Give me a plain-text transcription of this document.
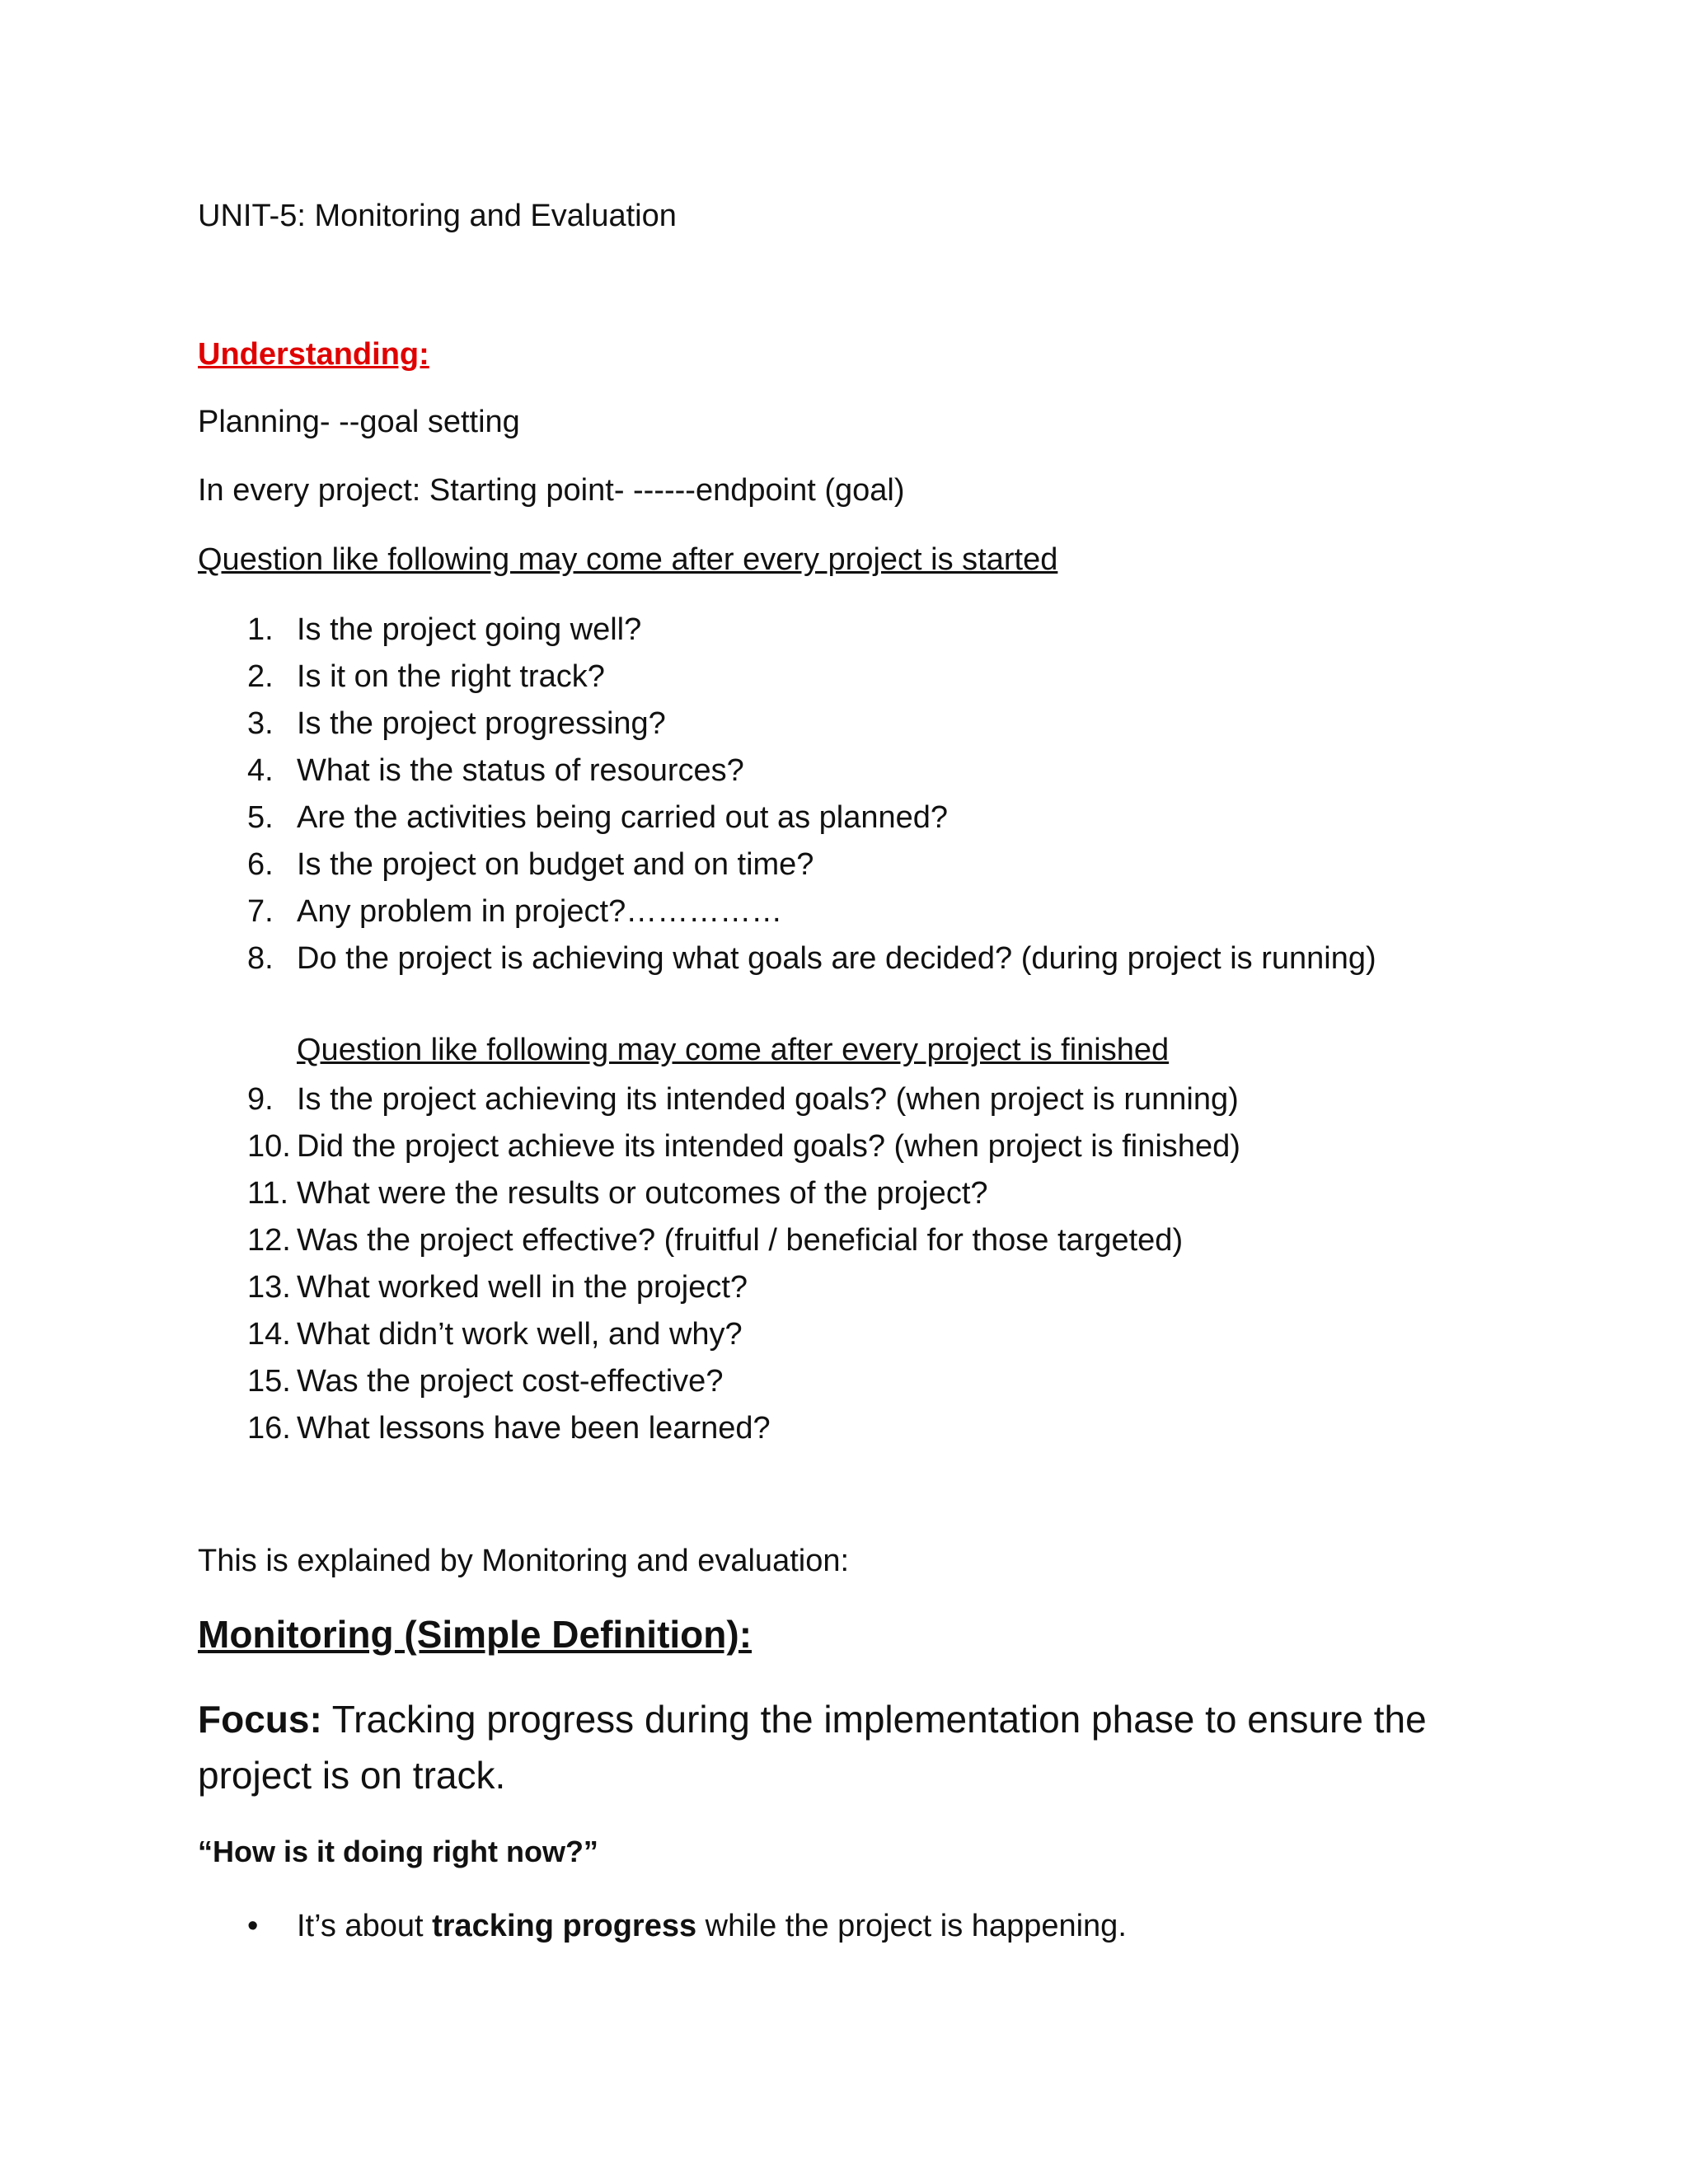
UNIT-5: Monitoring and Evaluation
Understanding:
Planning- --goal setting
In every project: Starting point- ------endpoint (goal)
Question like following may come after every project is started
1. Is the project going well?
2. Is it on the right track?
3. Is the project progressing?
4. What is the status of resources?
5. Are the activities being carried out as planned?
6. Is the project on budget and on time?
7. Any problem in project?……………
8. Do the project is achieving what goals are decided? (during project is running)
Question like following may come after every project is finished
9. Is the project achieving its intended goals? (when project is running)
10. Did the project achieve its intended goals? (when project is finished)
11. What were the results or outcomes of the project?
12. Was the project effective? (fruitful / beneficial for those targeted)
13. What worked well in the project?
14. What didn’t work well, and why?
15. Was the project cost-effective?
16. What lessons have been learned?
This is explained by Monitoring and evaluation:
Monitoring (Simple Definition):
Focus: Tracking progress during the implementation phase to ensure the project is on track.
“How is it doing right now?”
• It’s about tracking progress while the project is happening.
